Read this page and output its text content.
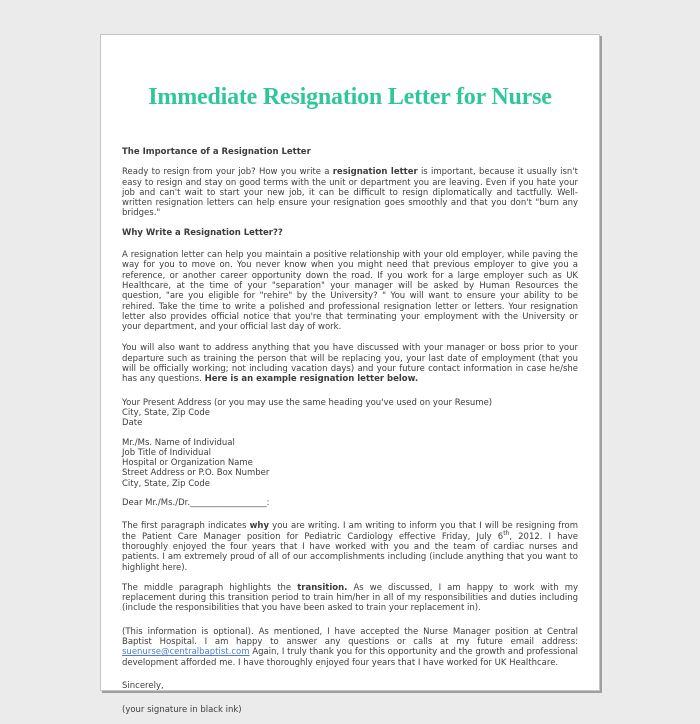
Immediate Resignation Letter for Nurse
The Importance of a Resignation Letter

Ready to resign from your job? How you write a resignation letter is important, because it usually isn't easy to resign and stay on good terms with the unit or department you are leaving. Even if you hate your job and can't wait to start your new job, it can be difficult to resign diplomatically and tactfully. Well-written resignation letters can help ensure your resignation goes smoothly and that you don't "burn any bridges."

Why Write a Resignation Letter??

A resignation letter can help you maintain a positive relationship with your old employer, while paving the way for you to move on. You never know when you might need that previous employer to give you a reference, or another career opportunity down the road. If you work for a large employer such as UK Healthcare, at the time of your "separation" your manager will be asked by Human Resources the question, "are you eligible for "rehire" by the University? " You will want to ensure your ability to be rehired. Take the time to write a polished and professional resignation letter or letters. Your resignation letter also provides official notice that you're that terminating your employment with the University or your department, and your official last day of work.

You will also want to address anything that you have discussed with your manager or boss prior to your departure such as training the person that will be replacing you, your last date of employment (that you will be officially working; not including vacation days) and your future contact information in case he/she has any questions. Here is an example resignation letter below.

Your Present Address (or you may use the same heading you've used on your Resume)
City, State, Zip Code
Date
Mr./Ms. Name of Individual
Job Title of Individual
Hospital or Organization Name
Street Address or P.O. Box Number
City, State, Zip Code
Dear Mr./Ms./Dr.__________________:

The first paragraph indicates why you are writing. I am writing to inform you that I will be resigning from the Patient Care Manager position for Pediatric Cardiology effective Friday, July 6th, 2012. I have thoroughly enjoyed the four years that I have worked with you and the team of cardiac nurses and patients. I am extremely proud of all of our accomplishments including (include anything that you want to highlight here).

The middle paragraph highlights the transition. As we discussed, I am happy to work with my replacement during this transition period to train him/her in all of my responsibilities and duties including (include the responsibilities that you have been asked to train your replacement in).

(This information is optional). As mentioned, I have accepted the Nurse Manager position at Central Baptist Hospital. I am happy to answer any questions or calls at my future email address: suenurse@centralbaptist.com Again, I truly thank you for this opportunity and the growth and professional development afforded me. I have thoroughly enjoyed four years that I have worked for UK Healthcare.

Sincerely,
(your signature in black ink)
